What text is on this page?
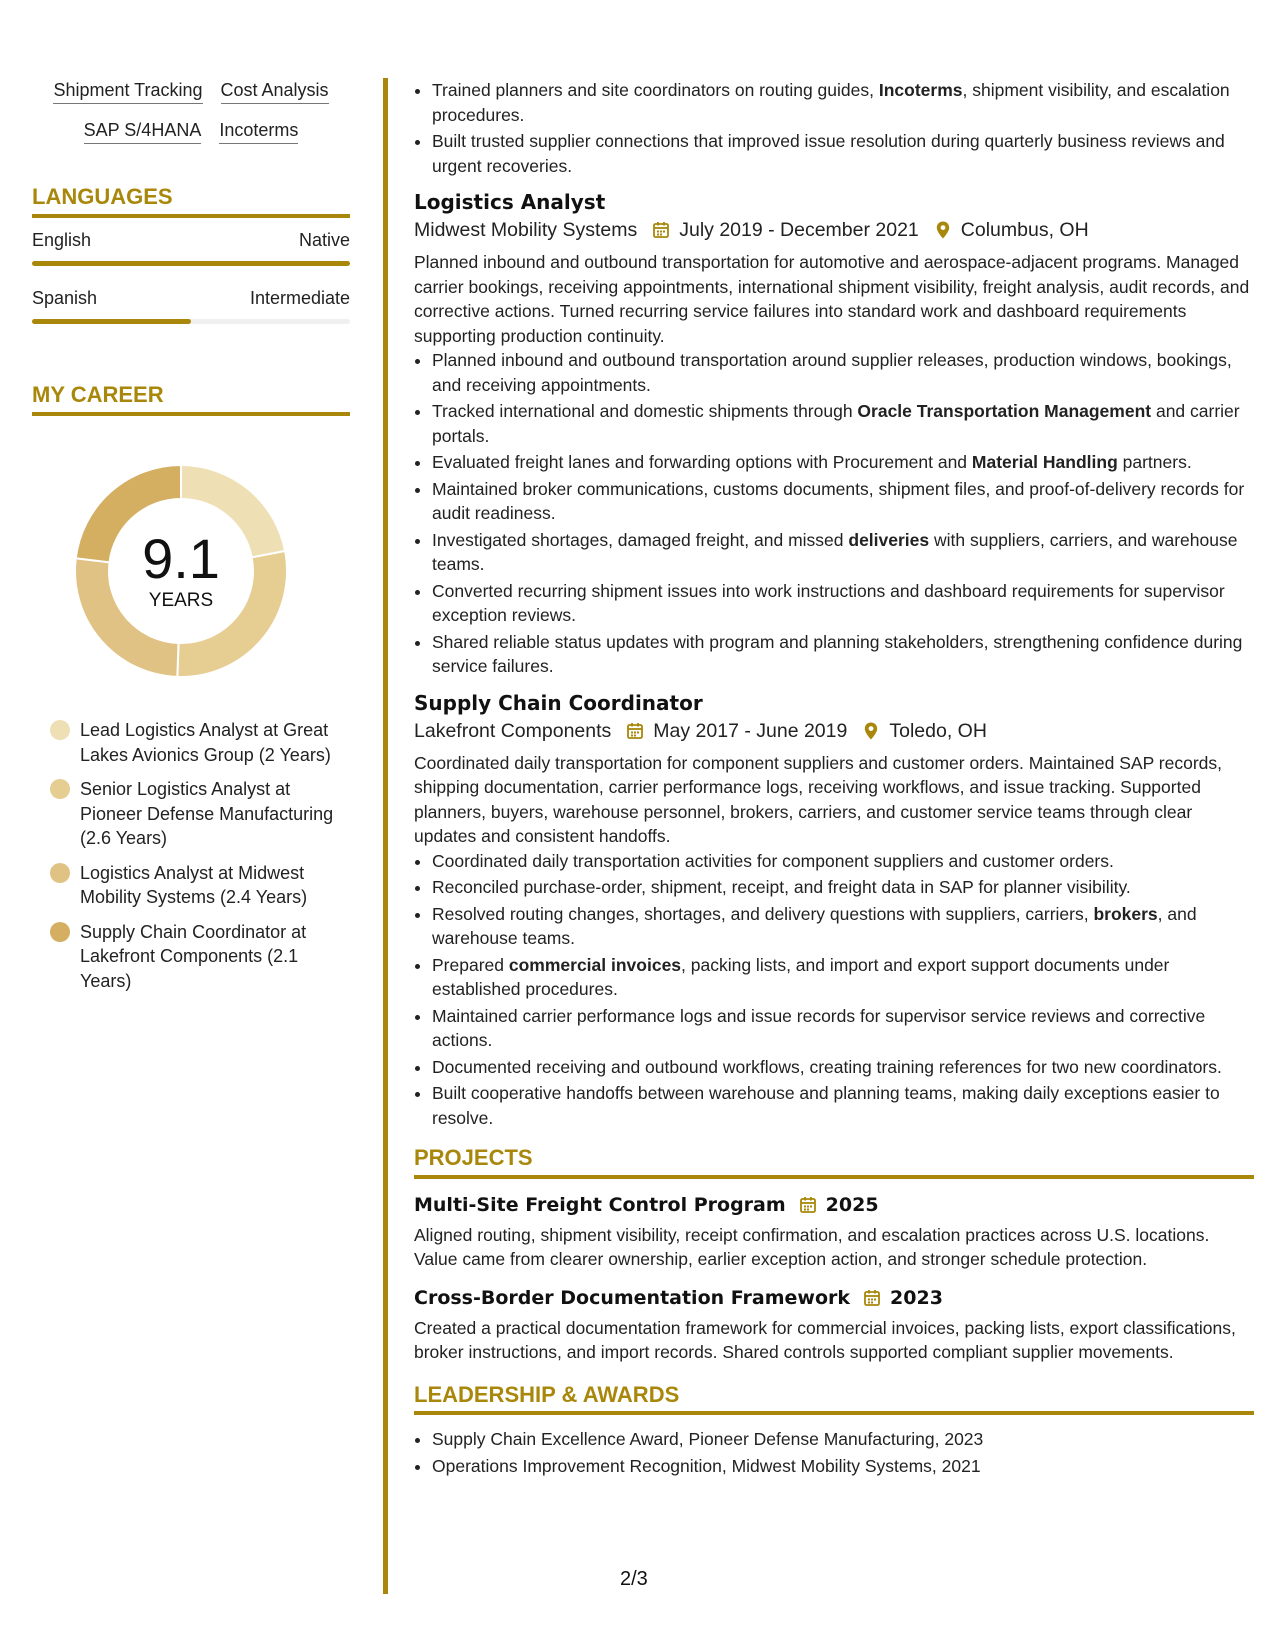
Shipment Tracking Cost Analysis
SAP S/4HANA Incoterms
LANGUAGES
English	Native
Spanish	Intermediate
MY CAREER
9.1
YEARS
Lead Logistics Analyst at Great Lakes Avionics Group (2 Years)
Senior Logistics Analyst at Pioneer Defense Manufacturing (2.6 Years)
Logistics Analyst at Midwest Mobility Systems (2.4 Years)
Supply Chain Coordinator at Lakefront Components (2.1 Years)
• Trained planners and site coordinators on routing guides, Incoterms, shipment visibility, and escalation procedures.
• Built trusted supplier connections that improved issue resolution during quarterly business reviews and urgent recoveries.
Logistics Analyst
Midwest Mobility Systems July 2019 - December 2021 Columbus, OH
Planned inbound and outbound transportation for automotive and aerospace-adjacent programs. Managed carrier bookings, receiving appointments, international shipment visibility, freight analysis, audit records, and corrective actions. Turned recurring service failures into standard work and dashboard requirements supporting production continuity.
• Planned inbound and outbound transportation around supplier releases, production windows, bookings, and receiving appointments.
• Tracked international and domestic shipments through Oracle Transportation Management and carrier portals.
• Evaluated freight lanes and forwarding options with Procurement and Material Handling partners.
• Maintained broker communications, customs documents, shipment files, and proof-of-delivery records for audit readiness.
• Investigated shortages, damaged freight, and missed deliveries with suppliers, carriers, and warehouse teams.
• Converted recurring shipment issues into work instructions and dashboard requirements for supervisor exception reviews.
• Shared reliable status updates with program and planning stakeholders, strengthening confidence during service failures.
Supply Chain Coordinator
Lakefront Components May 2017 - June 2019 Toledo, OH
Coordinated daily transportation for component suppliers and customer orders. Maintained SAP records, shipping documentation, carrier performance logs, receiving workflows, and issue tracking. Supported planners, buyers, warehouse personnel, brokers, carriers, and customer service teams through clear updates and consistent handoffs.
• Coordinated daily transportation activities for component suppliers and customer orders.
• Reconciled purchase-order, shipment, receipt, and freight data in SAP for planner visibility.
• Resolved routing changes, shortages, and delivery questions with suppliers, carriers, brokers, and warehouse teams.
• Prepared commercial invoices, packing lists, and import and export support documents under established procedures.
• Maintained carrier performance logs and issue records for supervisor service reviews and corrective actions.
• Documented receiving and outbound workflows, creating training references for two new coordinators.
• Built cooperative handoffs between warehouse and planning teams, making daily exceptions easier to resolve.
PROJECTS
Multi-Site Freight Control Program 2025
Aligned routing, shipment visibility, receipt confirmation, and escalation practices across U.S. locations. Value came from clearer ownership, earlier exception action, and stronger schedule protection.
Cross-Border Documentation Framework 2023
Created a practical documentation framework for commercial invoices, packing lists, export classifications, broker instructions, and import records. Shared controls supported compliant supplier movements.
LEADERSHIP & AWARDS
• Supply Chain Excellence Award, Pioneer Defense Manufacturing, 2023
• Operations Improvement Recognition, Midwest Mobility Systems, 2021
2/3
